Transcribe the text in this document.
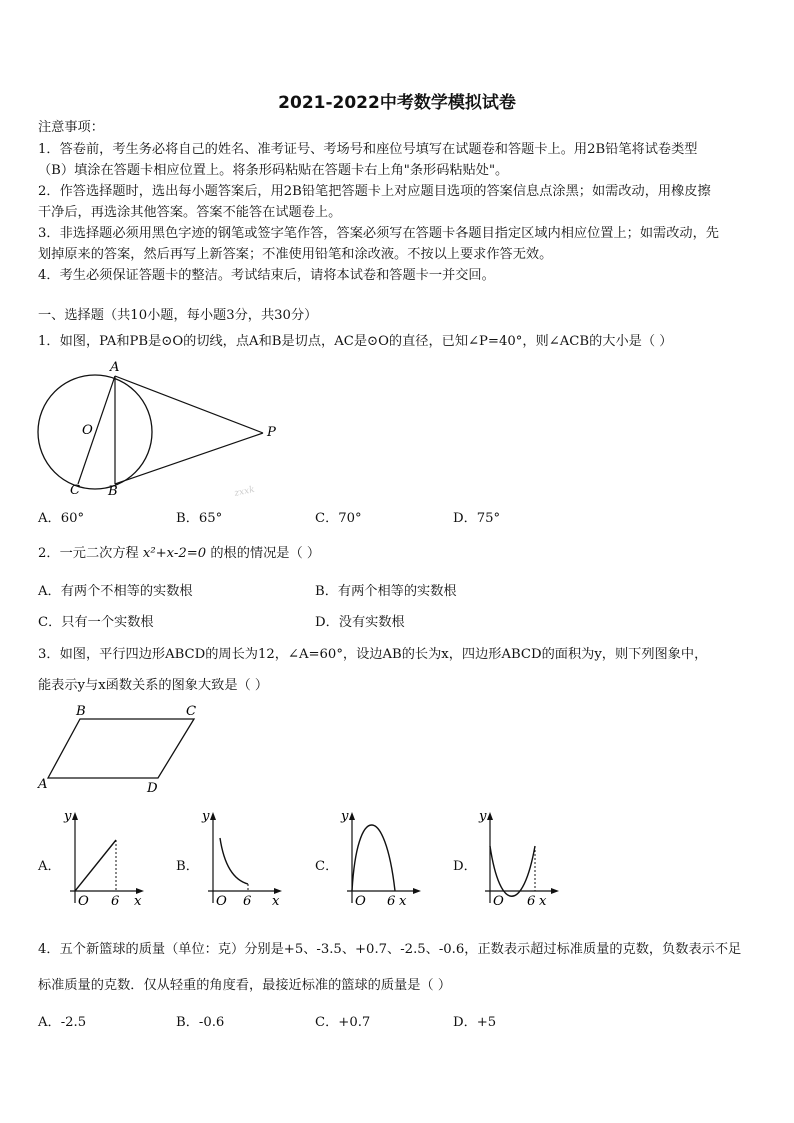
2021-2022中考数学模拟试卷
注意事项：
1．答卷前，考生务必将自己的姓名、准考证号、考场号和座位号填写在试题卷和答题卡上。用2B铅笔将试卷类型
（B）填涂在答题卡相应位置上。将条形码粘贴在答题卡右上角"条形码粘贴处"。
2．作答选择题时，选出每小题答案后，用2B铅笔把答题卡上对应题目选项的答案信息点涂黑；如需改动，用橡皮擦
干净后，再选涂其他答案。答案不能答在试题卷上。
3．非选择题必须用黑色字迹的钢笔或签字笔作答，答案必须写在答题卡各题目指定区域内相应位置上；如需改动，先
划掉原来的答案，然后再写上新答案；不准使用铅笔和涂改液。不按以上要求作答无效。
4．考生必须保证答题卡的整洁。考试结束后，请将本试卷和答题卡一并交回。
一、选择题（共10小题，每小题3分，共30分）
1．如图，PA和PB是⊙O的切线，点A和B是切点，AC是⊙O的直径，已知∠P=40°，则∠ACB的大小是（ ）
A
O	P
C B	zxxk
A．60°	B．65°	C．70°	D．75°
2．一元二次方程 x²+x-2=0 的根的情况是（ ）
A．有两个不相等的实数根	B．有两个相等的实数根
C．只有一个实数根	D．没有实数根
3．如图，平行四边形ABCD的周长为12，∠A=60°，设边AB的长为x，四边形ABCD的面积为y，则下列图象中，
能表示y与x函数关系的图象大致是（ ）
B	C
A	D
A．
y
O 6 x
B．
y
O 6 x
C．
y
O 6 x
D．
y
O 6 x
4．五个新篮球的质量（单位：克）分别是+5、-3.5、+0.7、-2.5、-0.6，正数表示超过标准质量的克数，负数表示不足
标准质量的克数．仅从轻重的角度看，最接近标准的篮球的质量是（ ）
A．-2.5	B．-0.6	C．+0.7	D．+5
